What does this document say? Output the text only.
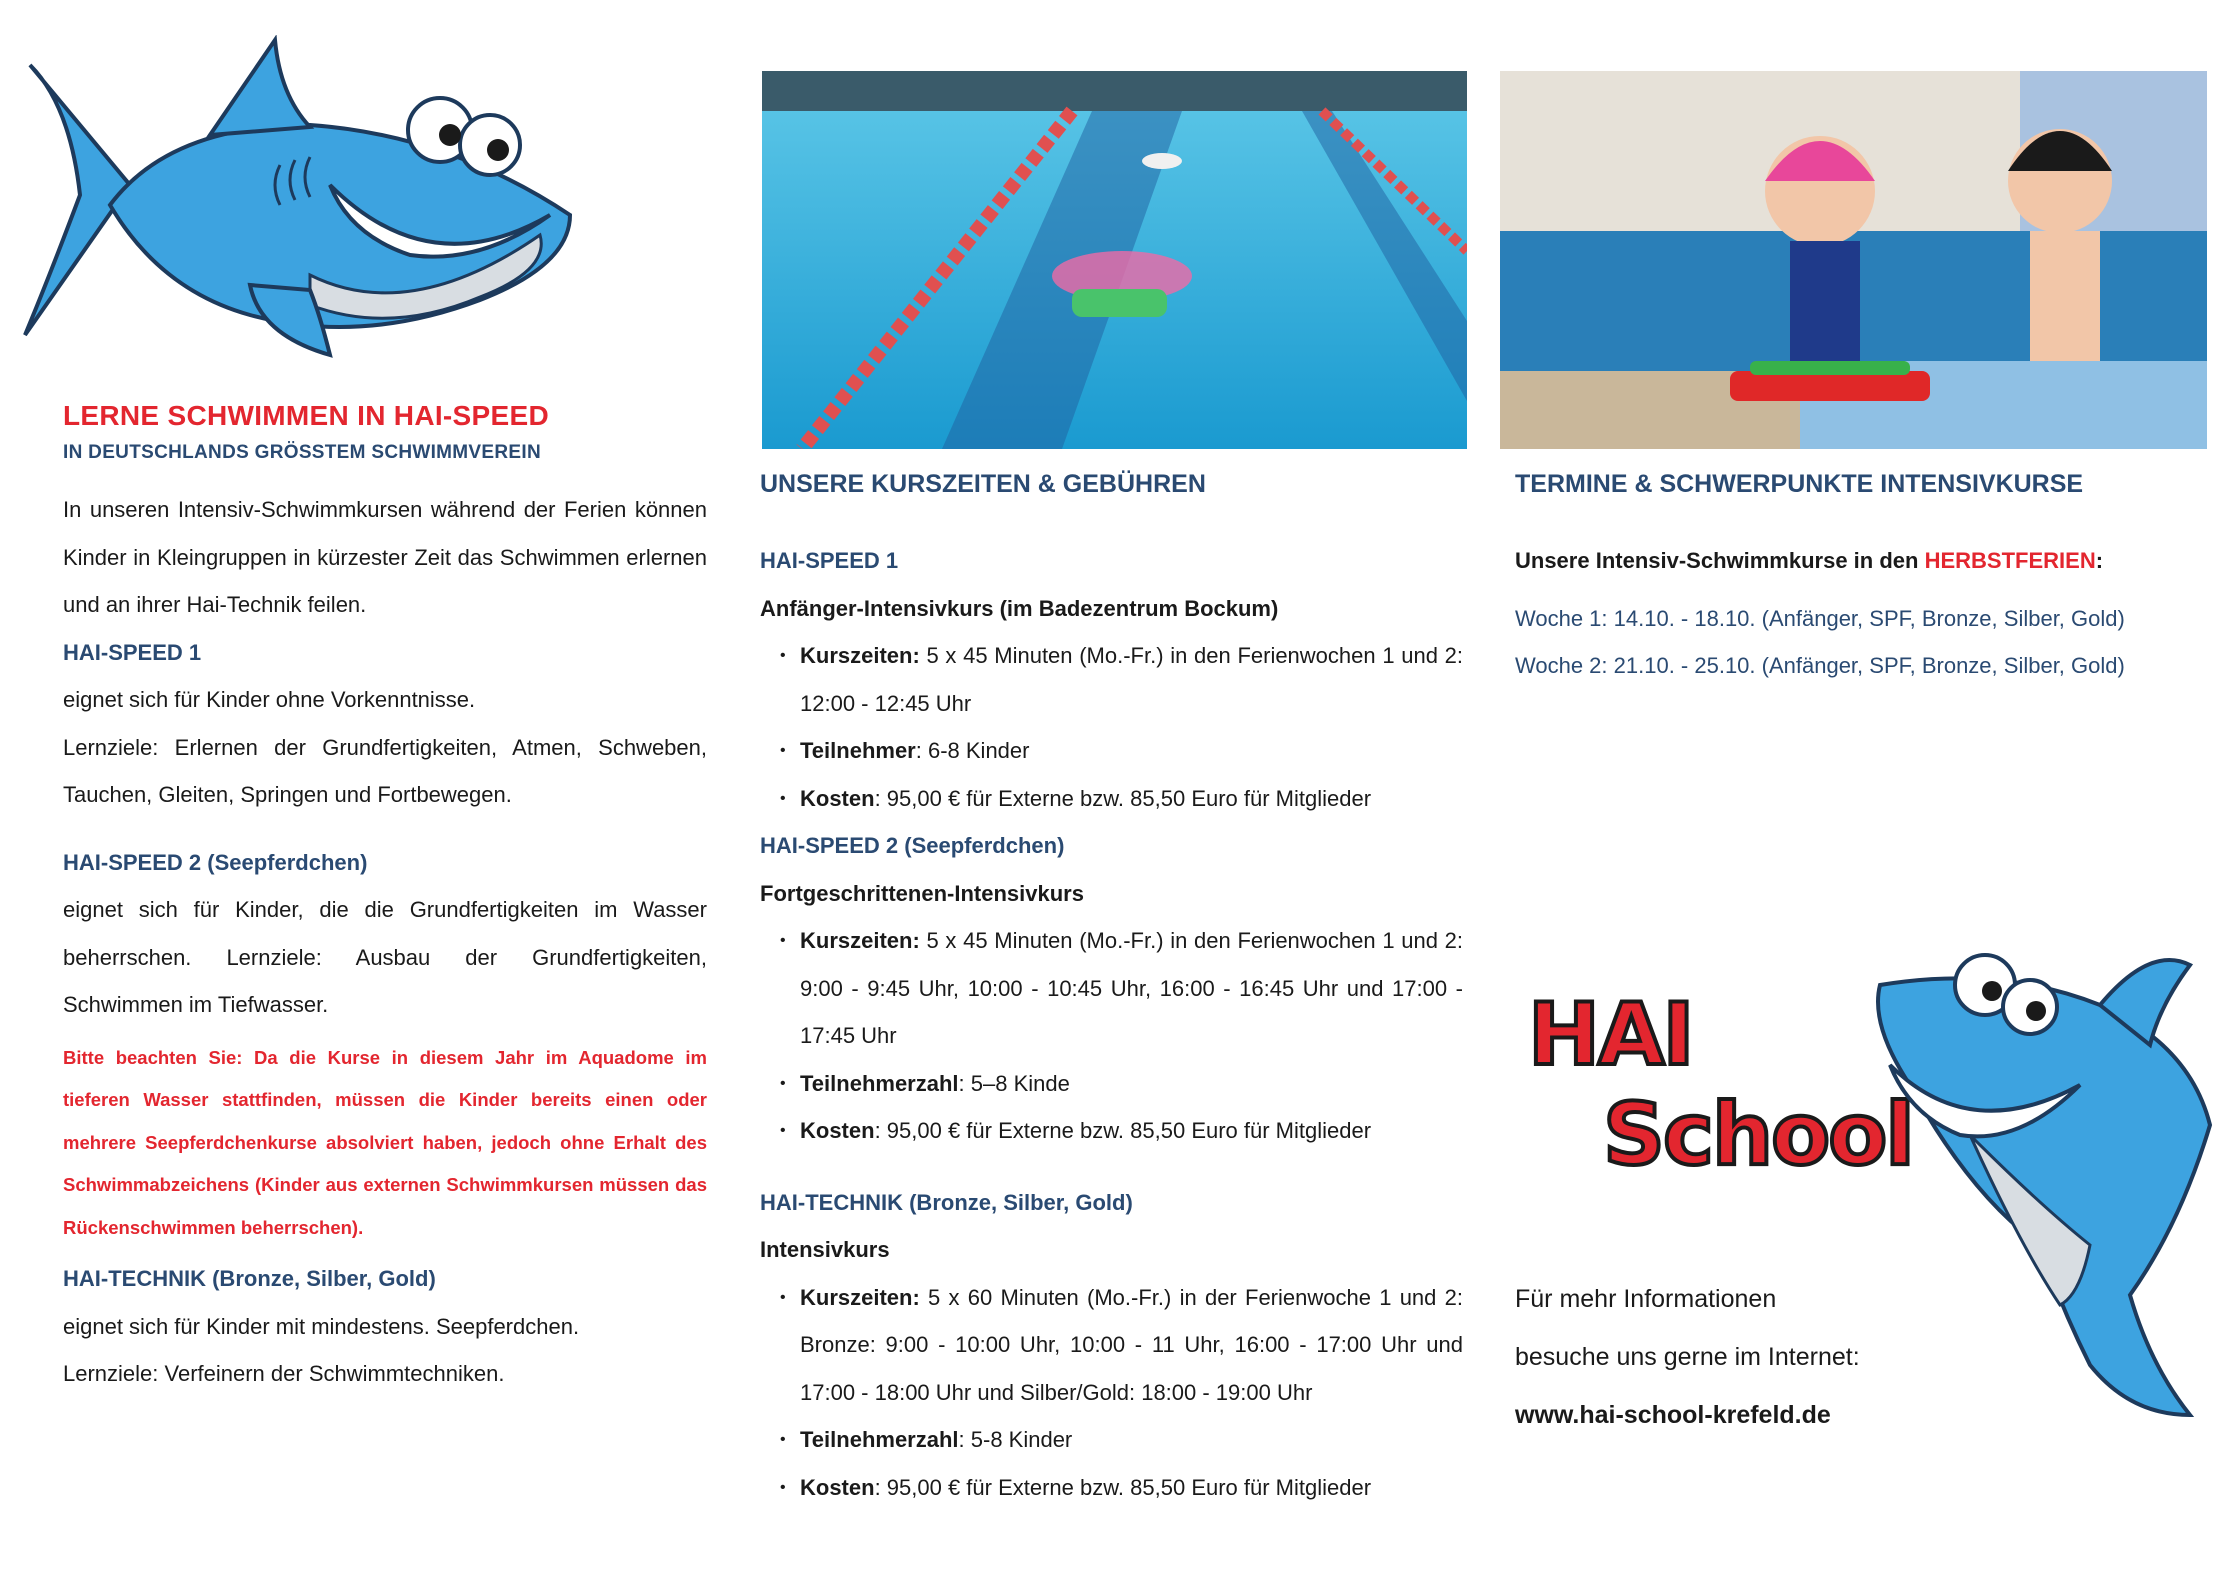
LERNE SCHWIMMEN IN HAI-SPEED
IN DEUTSCHLANDS GRÖSSTEM SCHWIMMVEREIN
In unseren Intensiv-Schwimmkursen während der Ferien können Kinder in Kleingruppen in kürzester Zeit das Schwimmen erlernen und an ihrer Hai-Technik feilen.
HAI-SPEED 1
eignet sich für Kinder ohne Vorkenntnisse.
Lernziele: Erlernen der Grundfertigkeiten, Atmen, Schweben, Tauchen, Gleiten, Springen und Fortbewegen.
HAI-SPEED 2 (Seepferdchen)
eignet sich für Kinder, die die Grundfertigkeiten im Wasser beherrschen. Lernziele: Ausbau der Grundfertigkeiten, Schwimmen im Tiefwasser.
Bitte beachten Sie: Da die Kurse in diesem Jahr im Aquadome im tieferen Wasser stattfinden, müssen die Kinder bereits einen oder mehrere Seepferdchenkurse absolviert haben, jedoch ohne Erhalt des Schwimmabzeichens (Kinder aus externen Schwimmkursen müssen das Rückenschwimmen beherrschen).
HAI-TECHNIK (Bronze, Silber, Gold)
eignet sich für Kinder mit mindestens. Seepferdchen.
Lernziele: Verfeinern der Schwimmtechniken.
UNSERE KURSZEITEN & GEBÜHREN
HAI-SPEED 1
Anfänger-Intensivkurs (im Badezentrum Bockum)
• Kurszeiten: 5 x 45 Minuten (Mo.-Fr.) in den Ferienwochen 1 und 2: 12:00 - 12:45 Uhr
• Teilnehmer: 6-8 Kinder
• Kosten: 95,00 € für Externe bzw. 85,50 Euro für Mitglieder
HAI-SPEED 2 (Seepferdchen)
Fortgeschrittenen-Intensivkurs
• Kurszeiten: 5 x 45 Minuten (Mo.-Fr.) in den Ferienwochen 1 und 2: 9:00 - 9:45 Uhr, 10:00 - 10:45 Uhr, 16:00 - 16:45 Uhr und 17:00 - 17:45 Uhr
• Teilnehmerzahl: 5–8 Kinde
• Kosten: 95,00 € für Externe bzw. 85,50 Euro für Mitglieder
HAI-TECHNIK (Bronze, Silber, Gold)
Intensivkurs
• Kurszeiten: 5 x 60 Minuten (Mo.-Fr.) in der Ferienwoche 1 und 2: Bronze: 9:00 - 10:00 Uhr, 10:00 - 11 Uhr, 16:00 - 17:00 Uhr und 17:00 - 18:00 Uhr und Silber/Gold: 18:00 - 19:00 Uhr
• Teilnehmerzahl: 5-8 Kinder
• Kosten: 95,00 € für Externe bzw. 85,50 Euro für Mitglieder
TERMINE & SCHWERPUNKTE INTENSIVKURSE
Unsere Intensiv-Schwimmkurse in den HERBSTFERIEN:
Woche 1: 14.10. - 18.10. (Anfänger, SPF, Bronze, Silber, Gold)
Woche 2: 21.10. - 25.10. (Anfänger, SPF, Bronze, Silber, Gold)
HAI
School
Für mehr Informationen
besuche uns gerne im Internet:
www.hai-school-krefeld.de
